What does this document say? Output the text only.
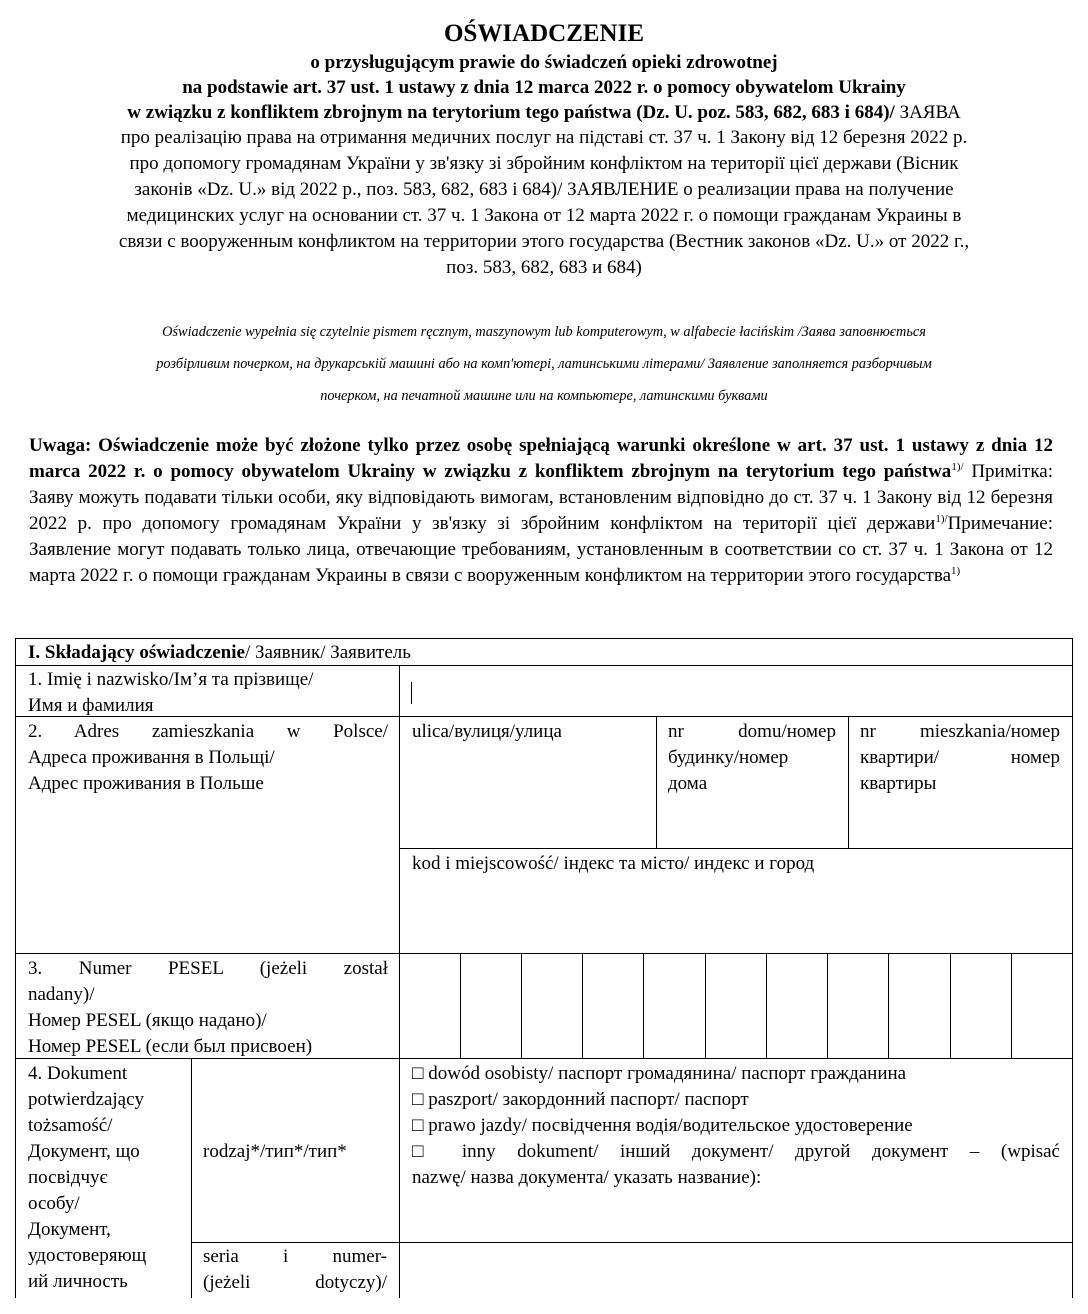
OŚWIADCZENIE
o przysługującym prawie do świadczeń opieki zdrowotnej
na podstawie art. 37 ust. 1 ustawy z dnia 12 marca 2022 r. o pomocy obywatelom Ukrainy
w związku z konfliktem zbrojnym na terytorium tego państwa (Dz. U. poz. 583, 682, 683 i 684)/ ЗАЯВА
про реалізацію права на отримання медичних послуг на підставі ст. 37 ч. 1 Закону від 12 березня 2022 р.
про допомогу громадянам України у зв'язку зі збройним конфліктом на території цієї держави (Вісник
законів «Dz. U.» від 2022 р., поз. 583, 682, 683 і 684)/ ЗАЯВЛЕНИЕ о реализации права на получение
медицинских услуг на основании ст. 37 ч. 1 Закона от 12 марта 2022 г. о помощи гражданам Украины в
связи с вооруженным конфликтом на территории этого государства (Вестник законов «Dz. U.» от 2022 г.,
поз. 583, 682, 683 и 684)
Oświadczenie wypełnia się czytelnie pismem ręcznym, maszynowym lub komputerowym, w alfabecie łacińskim /Заява заповнюється
розбірливим почерком, на друкарській машині або на комп'ютері, латинськими літерами/ Заявление заполняется разборчивым
почерком, на печатной машине или на компьютере, латинскими буквами
Uwaga: Oświadczenie może być złożone tylko przez osobę spełniającą warunki określone w art. 37 ust. 1 ustawy z dnia 12 marca 2022 r. o pomocy obywatelom Ukrainy w związku z konfliktem zbrojnym na terytorium tego państwa$^{1)/}$ Примітка: Заяву можуть подавати тільки особи, яку відповідають вимогам, встановленим відповідно до ст. 37 ч. 1 Закону від 12 березня 2022 р. про допомогу громадянам України у зв'язку зі збройним конфліктом на території цієї держави$^{1)/}$Примечание: Заявление могут подавать только лица, отвечающие требованиям, установленным в соответствии со ст. 37 ч. 1 Закона от 12 марта 2022 г. о помощи гражданам Украины в связи с вооруженным конфликтом на территории этого государства$^{1)}$
I. Składający oświadczenie/ Заявник/ Заявитель
1. Imię i nazwisko/Ім’я та прізвище/
Имя и фамилия
2. Adres zamieszkania w Polsce/
Адреса проживання в Польщі/
Адрес проживания в Польше
ulica/вулиця/улица	nr domu/номер
будинку/номер
дома
nr mieszkania/номер
квартири/ номер
квартиры
kod i miejscowość/ індекс та місто/ индекс и город
3. Numer PESEL (jeżeli został
nadany)/
Номер PESEL (якщо надано)/
Номер PESEL (если был присвоен)
4. Dokument
potwierdzający
tożsamość/
Документ, що
посвідчує
особу/
Документ,
удостоверяющ
ий личность
rodzaj*/тип*/тип*
□ dowód osobisty/ паспорт громадянина/ паспорт гражданина
□ paszport/ закордонний паспорт/ паспорт
□ prawo jazdy/ посвідчення водія/водительское удостоверение
□ inny dokument/ інший документ/ другой документ – (wpisać
nazwę/ назва документа/ указать название):
seria i numer-
(jeżeli dotyczy)/
